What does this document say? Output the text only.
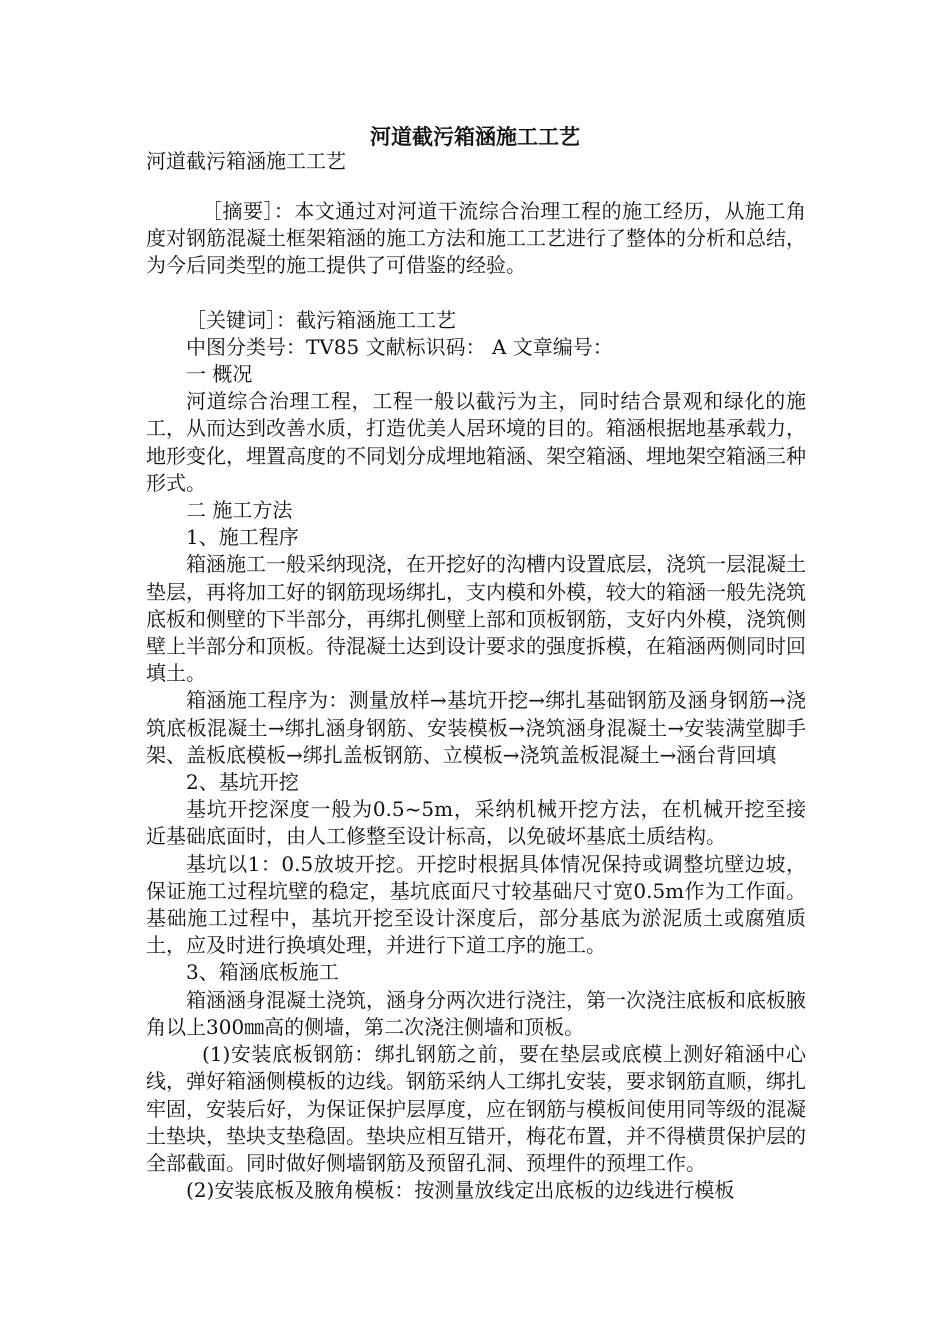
河道截污箱涵施工工艺
河道截污箱涵施工工艺

［摘要］：本文通过对河道干流综合治理工程的施工经历，从施工角度对钢筋混凝土框架箱涵的施工方法和施工工艺进行了整体的分析和总结，为今后同类型的施工提供了可借鉴的经验。

［关键词］：截污箱涵施工工艺

中图分类号：TV85 文献标识码： A 文章编号：

一 概况

河道综合治理工程，工程一般以截污为主，同时结合景观和绿化的施工，从而达到改善水质，打造优美人居环境的目的。箱涵根据地基承载力，地形变化，埋置高度的不同划分成埋地箱涵、架空箱涵、埋地架空箱涵三种形式。

二 施工方法

1、施工程序

箱涵施工一般采纳现浇，在开挖好的沟槽内设置底层，浇筑一层混凝土垫层，再将加工好的钢筋现场绑扎，支内模和外模，较大的箱涵一般先浇筑底板和侧壁的下半部分，再绑扎侧壁上部和顶板钢筋，支好内外模，浇筑侧壁上半部分和顶板。待混凝土达到设计要求的强度拆模，在箱涵两侧同时回填土。

箱涵施工程序为：测量放样→基坑开挖→绑扎基础钢筋及涵身钢筋→浇筑底板混凝土→绑扎涵身钢筋、安装模板→浇筑涵身混凝土→安装满堂脚手架、盖板底模板→绑扎盖板钢筋、立模板→浇筑盖板混凝土→涵台背回填

2、基坑开挖

基坑开挖深度一般为0.5~5m，采纳机械开挖方法，在机械开挖至接近基础底面时，由人工修整至设计标高，以免破坏基底土质结构。

基坑以1：0.5放坡开挖。开挖时根据具体情况保持或调整坑壁边坡，保证施工过程坑壁的稳定，基坑底面尺寸较基础尺寸宽0.5m作为工作面。基础施工过程中，基坑开挖至设计深度后，部分基底为淤泥质土或腐殖质土，应及时进行换填处理，并进行下道工序的施工。

3、箱涵底板施工

箱涵涵身混凝土浇筑，涵身分两次进行浇注，第一次浇注底板和底板腋角以上300㎜高的侧墙，第二次浇注侧墙和顶板。

(1)安装底板钢筋：绑扎钢筋之前，要在垫层或底模上测好箱涵中心线，弹好箱涵侧模板的边线。钢筋采纳人工绑扎安装，要求钢筋直顺，绑扎牢固，安装后好，为保证保护层厚度，应在钢筋与模板间使用同等级的混凝土垫块，垫块支垫稳固。垫块应相互错开，梅花布置，并不得横贯保护层的全部截面。同时做好侧墙钢筋及预留孔洞、预埋件的预埋工作。

(2)安装底板及腋角模板：按测量放线定出底板的边线进行模板
